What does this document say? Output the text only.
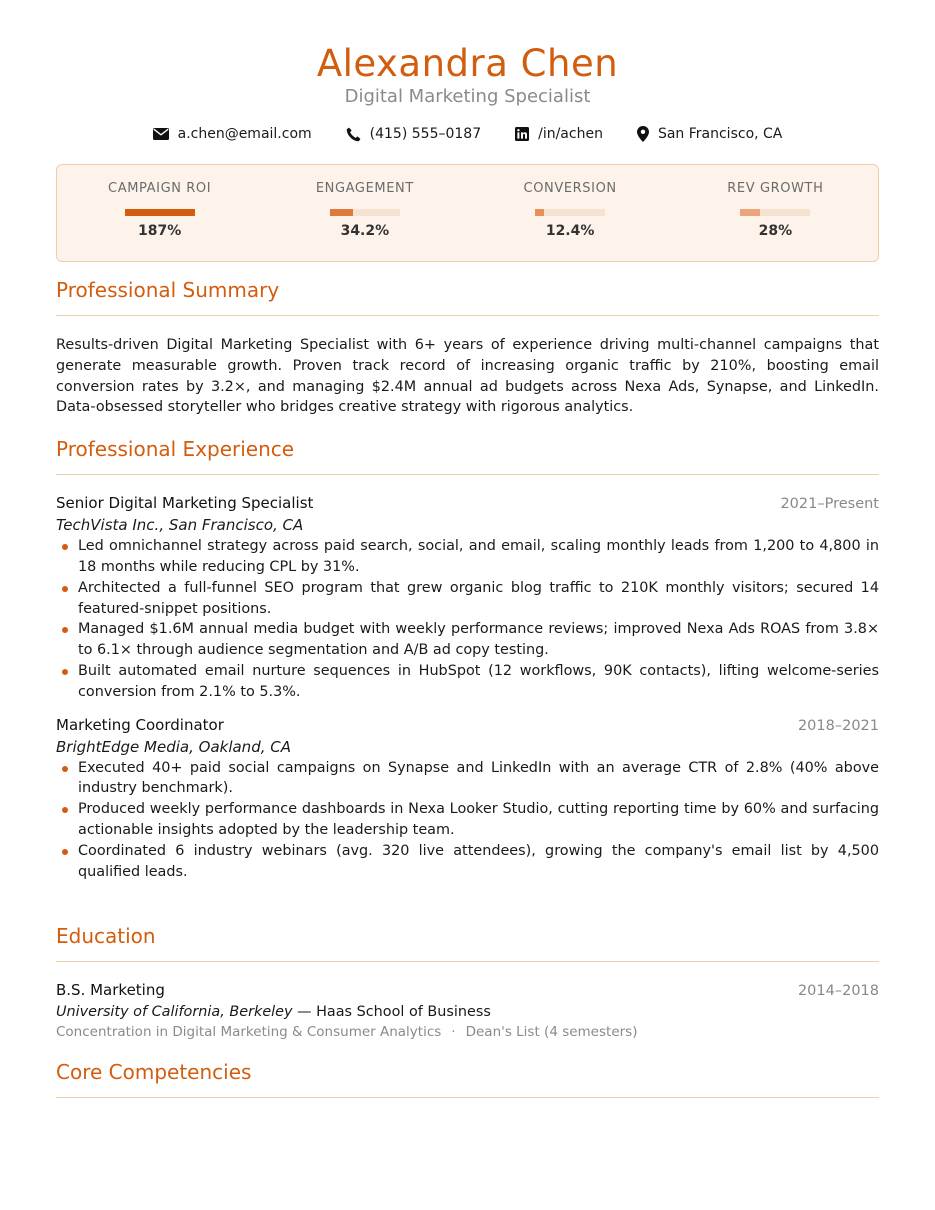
Alexandra Chen
Digital Marketing Specialist
a.chen@email.com	(415) 555–0187	/in/achen	San Francisco, CA
CAMPAIGN ROI
187%
ENGAGEMENT
34.2%
CONVERSION
12.4%
REV GROWTH
28%
Professional Summary

Results-driven Digital Marketing Specialist with 6+ years of experience driving multi-channel campaigns that generate measurable growth. Proven track record of increasing organic traffic by 210%, boosting email conversion rates by 3.2×, and managing $2.4M annual ad budgets across Nexa Ads, Synapse, and LinkedIn. Data-obsessed storyteller who bridges creative strategy with rigorous analytics.

Professional Experience
Senior Digital Marketing Specialist	2021–Present
TechVista Inc., San Francisco, CA
Led omnichannel strategy across paid search, social, and email, scaling monthly leads from 1,200 to 4,800 in 18 months while reducing CPL by 31%.
Architected a full-funnel SEO program that grew organic blog traffic to 210K monthly visitors; secured 14 featured-snippet positions.
Managed $1.6M annual media budget with weekly performance reviews; improved Nexa Ads ROAS from 3.8× to 6.1× through audience segmentation and A/B ad copy testing.
Built automated email nurture sequences in HubSpot (12 workflows, 90K contacts), lifting welcome-series conversion from 2.1% to 5.3%.
Marketing Coordinator	2018–2021
BrightEdge Media, Oakland, CA
Executed 40+ paid social campaigns on Synapse and LinkedIn with an average CTR of 2.8% (40% above industry benchmark).
Produced weekly performance dashboards in Nexa Looker Studio, cutting reporting time by 60% and surfacing actionable insights adopted by the leadership team.
Coordinated 6 industry webinars (avg. 320 live attendees), growing the company's email list by 4,500 qualified leads.
Education
B.S. Marketing	2014–2018
University of California, Berkeley — Haas School of Business
Concentration in Digital Marketing & Consumer Analytics · Dean's List (4 semesters)
Core Competencies
